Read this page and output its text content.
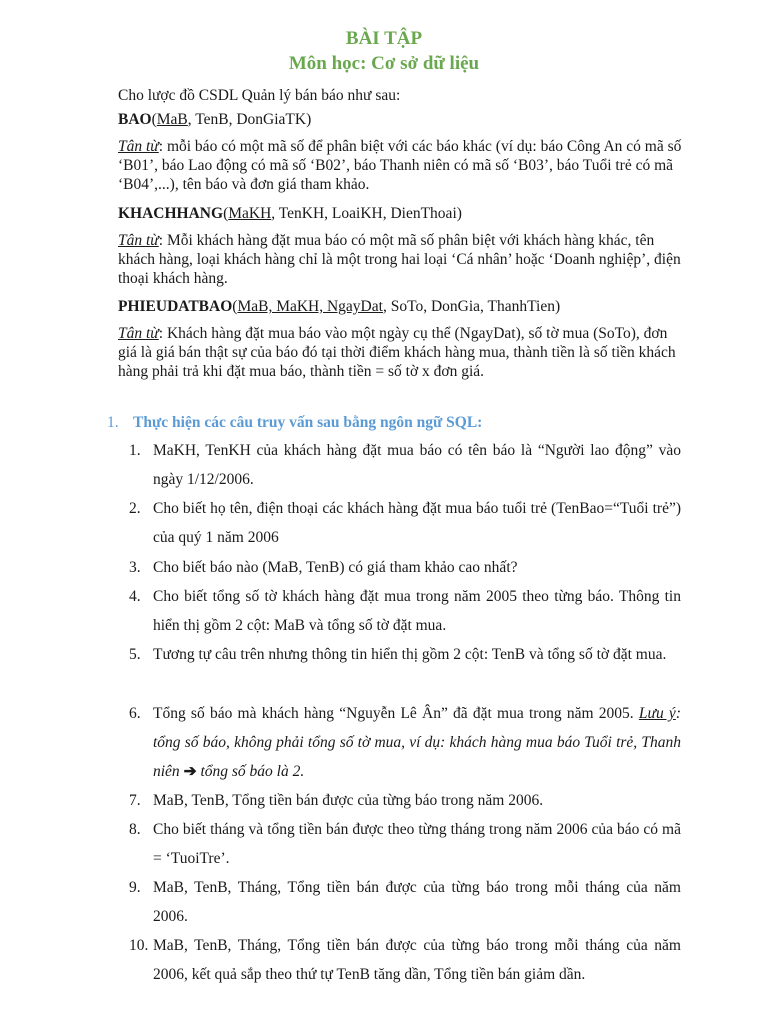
BÀI TẬP
Môn học: Cơ sở dữ liệu
Cho lược đồ CSDL Quản lý bán báo như sau:
BAO(MaB, TenB, DonGiaTK)
Tân từ: mỗi báo có một mã số để phân biệt với các báo khác (ví dụ: báo Công An có mã số ‘B01’, báo Lao động có mã số ‘B02’, báo Thanh niên có mã số ‘B03’, báo Tuổi trẻ có mã ‘B04’,...), tên báo và đơn giá tham khảo.
KHACHHANG(MaKH, TenKH, LoaiKH, DienThoai)
Tân từ: Mỗi khách hàng đặt mua báo có một mã số phân biệt với khách hàng khác, tên khách hàng, loại khách hàng chỉ là một trong hai loại ‘Cá nhân’ hoặc ‘Doanh nghiệp’, điện thoại khách hàng.
PHIEUDATBAO(MaB, MaKH, NgayDat, SoTo, DonGia, ThanhTien)
Tân từ: Khách hàng đặt mua báo vào một ngày cụ thể (NgayDat), số tờ mua (SoTo), đơn giá là giá bán thật sự của báo đó tại thời điểm khách hàng mua, thành tiền là số tiền khách hàng phải trả khi đặt mua báo, thành tiền = số tờ x đơn giá.
1. Thực hiện các câu truy vấn sau bằng ngôn ngữ SQL:
1. MaKH, TenKH của khách hàng đặt mua báo có tên báo là “Người lao động” vào ngày 1/12/2006.
2. Cho biết họ tên, điện thoại các khách hàng đặt mua báo tuổi trẻ (TenBao=“Tuổi trẻ”) của quý 1 năm 2006
3. Cho biết báo nào (MaB, TenB) có giá tham khảo cao nhất?
4. Cho biết tổng số tờ khách hàng đặt mua trong năm 2005 theo từng báo. Thông tin hiển thị gồm 2 cột: MaB và tổng số tờ đặt mua.
5. Tương tự câu trên nhưng thông tin hiển thị gồm 2 cột: TenB và tổng số tờ đặt mua.
6. Tổng số báo mà khách hàng “Nguyễn Lê Ân” đã đặt mua trong năm 2005. Lưu ý: tổng số báo, không phải tổng số tờ mua, ví dụ: khách hàng mua báo Tuổi trẻ, Thanh niên ➔ tổng số báo là 2.
7. MaB, TenB, Tổng tiền bán được của từng báo trong năm 2006.
8. Cho biết tháng và tổng tiền bán được theo từng tháng trong năm 2006 của báo có mã = ‘TuoiTre’.
9. MaB, TenB, Tháng, Tổng tiền bán được của từng báo trong mỗi tháng của năm 2006.
10. MaB, TenB, Tháng, Tổng tiền bán được của từng báo trong mỗi tháng của năm 2006, kết quả sắp theo thứ tự TenB tăng dần, Tổng tiền bán giảm dần.
